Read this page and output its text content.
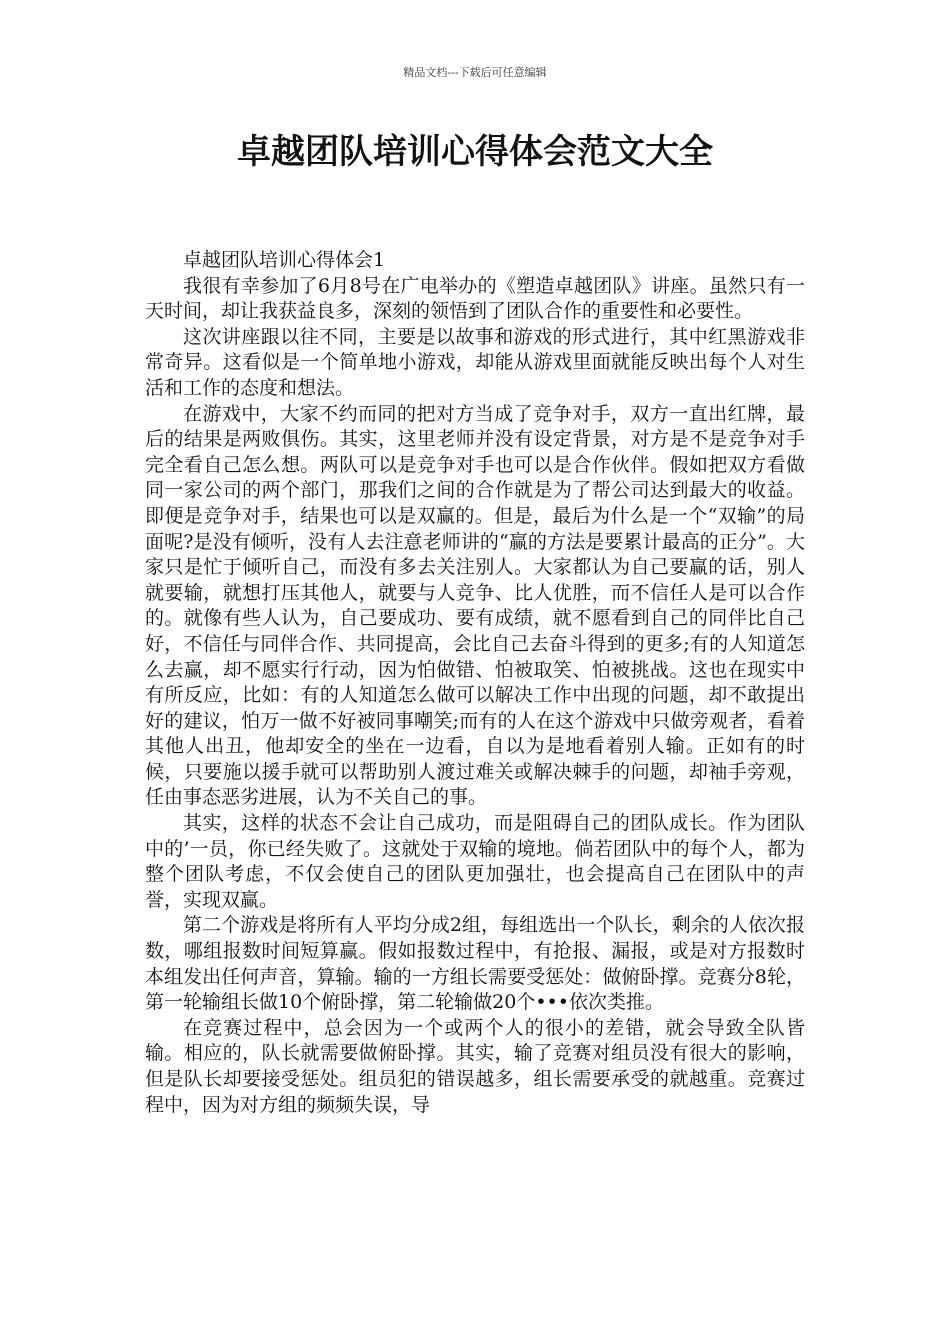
精品文档---下载后可任意编辑
卓越团队培训心得体会范文大全

卓越团队培训心得体会1

我很有幸参加了6月8号在广电举办的《塑造卓越团队》讲座。虽然只有一天时间，却让我获益良多，深刻的领悟到了团队合作的重要性和必要性。

这次讲座跟以往不同，主要是以故事和游戏的形式进行，其中红黑游戏非常奇异。这看似是一个简单地小游戏，却能从游戏里面就能反映出每个人对生活和工作的态度和想法。

在游戏中，大家不约而同的把对方当成了竞争对手，双方一直出红牌，最后的结果是两败俱伤。其实，这里老师并没有设定背景，对方是不是竞争对手完全看自己怎么想。两队可以是竞争对手也可以是合作伙伴。假如把双方看做同一家公司的两个部门，那我们之间的合作就是为了帮公司达到最大的收益。即便是竞争对手，结果也可以是双赢的。但是，最后为什么是一个“双输”的局面呢?是没有倾听，没有人去注意老师讲的“赢的方法是要累计最高的正分”。大家只是忙于倾听自己，而没有多去关注别人。大家都认为自己要赢的话，别人就要输，就想打压其他人，就要与人竞争、比人优胜，而不信任人是可以合作的。就像有些人认为，自己要成功、要有成绩，就不愿看到自己的同伴比自己好，不信任与同伴合作、共同提高，会比自己去奋斗得到的更多;有的人知道怎么去赢，却不愿实行行动，因为怕做错、怕被取笑、怕被挑战。这也在现实中有所反应，比如：有的人知道怎么做可以解决工作中出现的问题，却不敢提出好的建议，怕万一做不好被同事嘲笑;而有的人在这个游戏中只做旁观者，看着其他人出丑，他却安全的坐在一边看，自以为是地看着别人输。正如有的时候，只要施以援手就可以帮助别人渡过难关或解决棘手的问题，却袖手旁观，任由事态恶劣进展，认为不关自己的事。

其实，这样的状态不会让自己成功，而是阻碍自己的团队成长。作为团队中的’一员，你已经失败了。这就处于双输的境地。倘若团队中的每个人，都为整个团队考虑，不仅会使自己的团队更加强壮，也会提高自己在团队中的声誉，实现双赢。

第二个游戏是将所有人平均分成2组，每组选出一个队长，剩余的人依次报数，哪组报数时间短算赢。假如报数过程中，有抢报、漏报，或是对方报数时本组发出任何声音，算输。输的一方组长需要受惩处：做俯卧撑。竞赛分8轮，第一轮输组长做10个俯卧撑，第二轮输做20个•••依次类推。

在竞赛过程中，总会因为一个或两个人的很小的差错，就会导致全队皆输。相应的，队长就需要做俯卧撑。其实，输了竞赛对组员没有很大的影响，但是队长却要接受惩处。组员犯的错误越多，组长需要承受的就越重。竞赛过程中，因为对方组的频频失误，导
